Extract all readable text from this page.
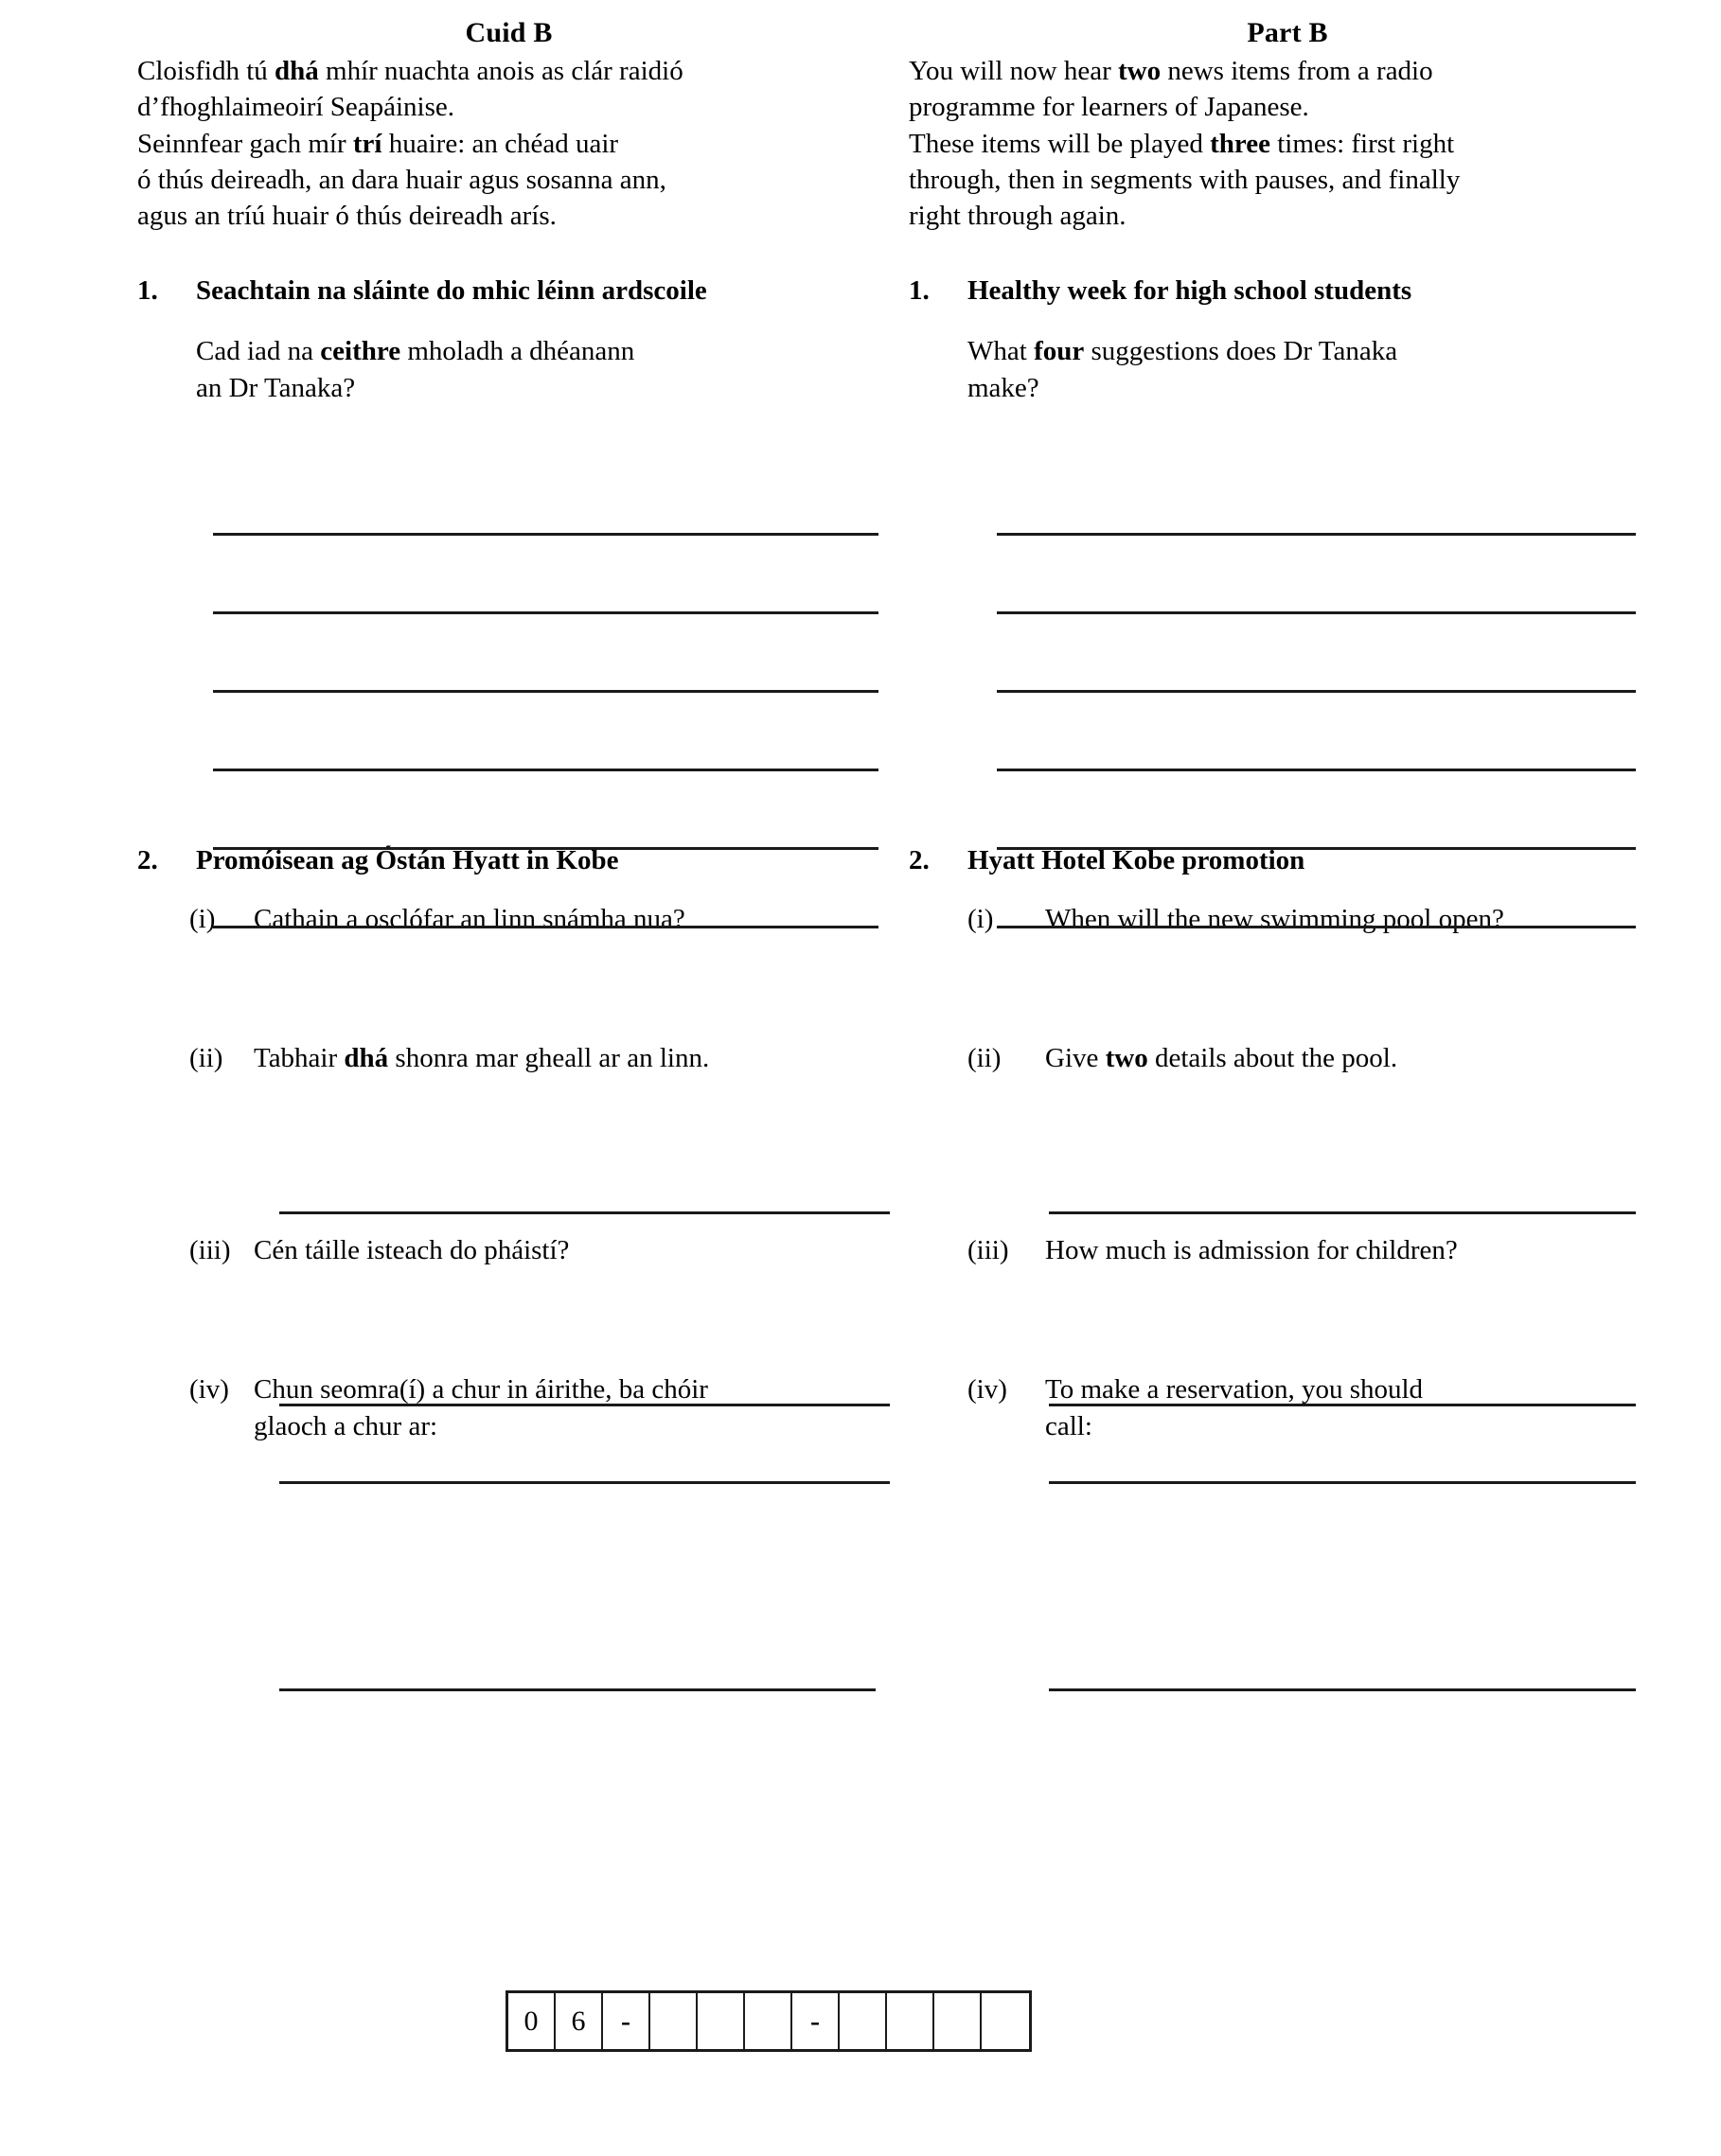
Cuid B
Cloisfidh tú dhá mhír nuachta anois as clár raidió
d’fhoghlaimeoirí Seapáinise.
Seinnfear gach mír trí huaire: an chéad uair
ó thús deireadh, an dara huair agus sosanna ann,
agus an tríú huair ó thús deireadh arís.
1.	Seachtain na sláinte do mhic léinn ardscoile
Cad iad na ceithre mholadh a dhéanann
an Dr Tanaka?
2.	Promóisean ag Óstán Hyatt in Kobe
(i)	Cathain a osclófar an linn snámha nua?
(ii)	Tabhair dhá shonra mar gheall ar an linn.
(iii) Cén táille isteach do pháistí?
(iv) Chun seomra(í) a chur in áirithe, ba chóir
glaoch a chur ar:
Part B
You will now hear two news items from a radio
programme for learners of Japanese.
These items will be played three times: first right
through, then in segments with pauses, and finally
right through again.
1.	Healthy week for high school students
What four suggestions does Dr Tanaka
make?
2.	Hyatt Hotel Kobe promotion
(i)	When will the new swimming pool open?
(ii)	Give two details about the pool.
(iii)	How much is admission for children?
(iv)	To make a reservation, you should
call:
0	6	-	-
